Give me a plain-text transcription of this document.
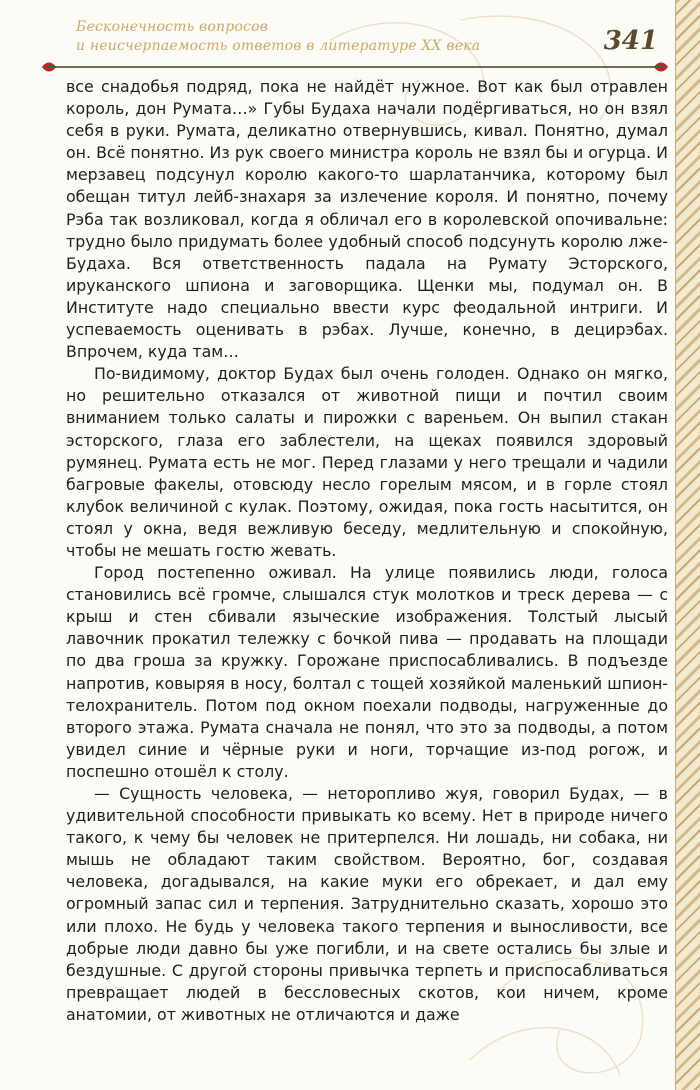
Бесконечность вопросов
и неисчерпаемость ответов в литературе XX века	341

все снадобья подряд, пока не найдёт нужное. Вот как был отравлен король, дон Румата…» Губы Будаха начали подёргиваться, но он взял себя в руки. Румата, деликатно отвернувшись, кивал. Понятно, думал он. Всё понятно. Из рук своего министра король не взял бы и огурца. И мерзавец подсунул королю какого-то шарлатанчика, которому был обещан титул лейб-знахаря за излечение короля. И понятно, почему Рэба так возликовал, когда я обличал его в королевской опочивальне: трудно было придумать более удобный способ подсунуть королю лже-Будаха. Вся ответственность падала на Румату Эсторского, ируканского шпиона и заговорщика. Щенки мы, подумал он. В Институте надо специально ввести курс феодальной интриги. И успеваемость оценивать в рэбах. Лучше, конечно, в децирэбах. Впрочем, куда там…

По-видимому, доктор Будах был очень голоден. Однако он мягко, но решительно отказался от животной пищи и почтил своим вниманием только салаты и пирожки с вареньем. Он выпил стакан эсторского, глаза его заблестели, на щеках появился здоровый румянец. Румата есть не мог. Перед глазами у него трещали и чадили багровые факелы, отовсюду несло горелым мясом, и в горле стоял клубок величиной с кулак. Поэтому, ожидая, пока гость насытится, он стоял у окна, ведя вежливую беседу, медлительную и спокойную, чтобы не мешать гостю жевать.

Город постепенно оживал. На улице появились люди, голоса становились всё громче, слышался стук молотков и треск дерева — с крыш и стен сбивали языческие изображения. Толстый лысый лавочник прокатил тележку с бочкой пива — продавать на площади по два гроша за кружку. Горожане приспосабливались. В подъезде напротив, ковыряя в носу, болтал с тощей хозяйкой маленький шпион-телохранитель. Потом под окном поехали подводы, нагруженные до второго этажа. Румата сначала не понял, что это за подводы, а потом увидел синие и чёрные руки и ноги, торчащие из-под рогож, и поспешно отошёл к столу.

— Сущность человека, — неторопливо жуя, говорил Будах, — в удивительной способности привыкать ко всему. Нет в природе ничего такого, к чему бы человек не притерпелся. Ни лошадь, ни собака, ни мышь не обладают таким свойством. Вероятно, бог, создавая человека, догадывался, на какие муки его обрекает, и дал ему огромный запас сил и терпения. Затруднительно сказать, хорошо это или плохо. Не будь у человека такого терпения и выносливости, все добрые люди давно бы уже погибли, и на свете остались бы злые и бездушные. С другой стороны привычка терпеть и приспосабливаться превращает людей в бессловесных скотов, кои ничем, кроме анатомии, от животных не отличаются и даже
